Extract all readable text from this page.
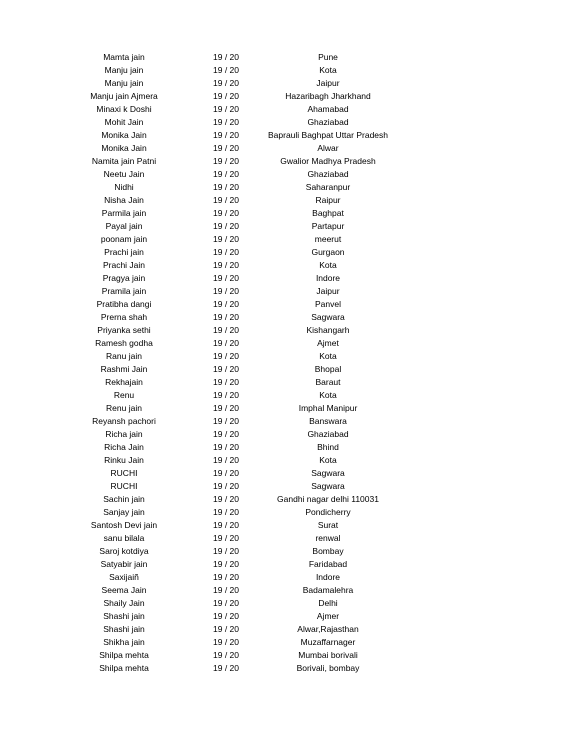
Mamta jain	19 / 20	Pune
Manju jain	19 / 20	Kota
Manju jain	19 / 20	Jaipur
Manju jain Ajmera	19 / 20	Hazaribagh Jharkhand
Minaxi k Doshi	19 / 20	Ahamabad
Mohit Jain	19 / 20	Ghaziabad
Monika Jain	19 / 20	Baprauli Baghpat Uttar Pradesh
Monika Jain	19 / 20	Alwar
Namita jain Patni	19 / 20	Gwalior Madhya Pradesh
Neetu Jain	19 / 20	Ghaziabad
Nidhi	19 / 20	Saharanpur
Nisha Jain	19 / 20	Raipur
Parmila jain	19 / 20	Baghpat
Payal jain	19 / 20	Partapur
poonam jain	19 / 20	meerut
Prachi jain	19 / 20	Gurgaon
Prachi Jain	19 / 20	Kota
Pragya jain	19 / 20	Indore
Pramila jain	19 / 20	Jaipur
Pratibha dangi	19 / 20	Panvel
Prerna shah	19 / 20	Sagwara
Priyanka sethi	19 / 20	Kishangarh
Ramesh godha	19 / 20	Ajmet
Ranu jain	19 / 20	Kota
Rashmi Jain	19 / 20	Bhopal
Rekhajain	19 / 20	Baraut
Renu	19 / 20	Kota
Renu jain	19 / 20	Imphal Manipur
Reyansh pachori	19 / 20	Banswara
Richa jain	19 / 20	Ghaziabad
Richa Jain	19 / 20	Bhind
Rinku Jain	19 / 20	Kota
RUCHI	19 / 20	Sagwara
RUCHI	19 / 20	Sagwara
Sachin jain	19 / 20	Gandhi nagar delhi 110031
Sanjay jain	19 / 20	Pondicherry
Santosh Devi jain	19 / 20	Surat
sanu bilala	19 / 20	renwal
Saroj kotdiya	19 / 20	Bombay
Satyabir jain	19 / 20	Faridabad
Saxijaiñ	19 / 20	Indore
Seema Jain	19 / 20	Badamalehra
Shaily Jain	19 / 20	Delhi
Shashi jain	19 / 20	Ajmer
Shashi jain	19 / 20	Alwar,Rajasthan
Shikha jain	19 / 20	Muzaffarnager
Shilpa mehta	19 / 20	Mumbai borivali
Shilpa mehta	19 / 20	Borivali, bombay
